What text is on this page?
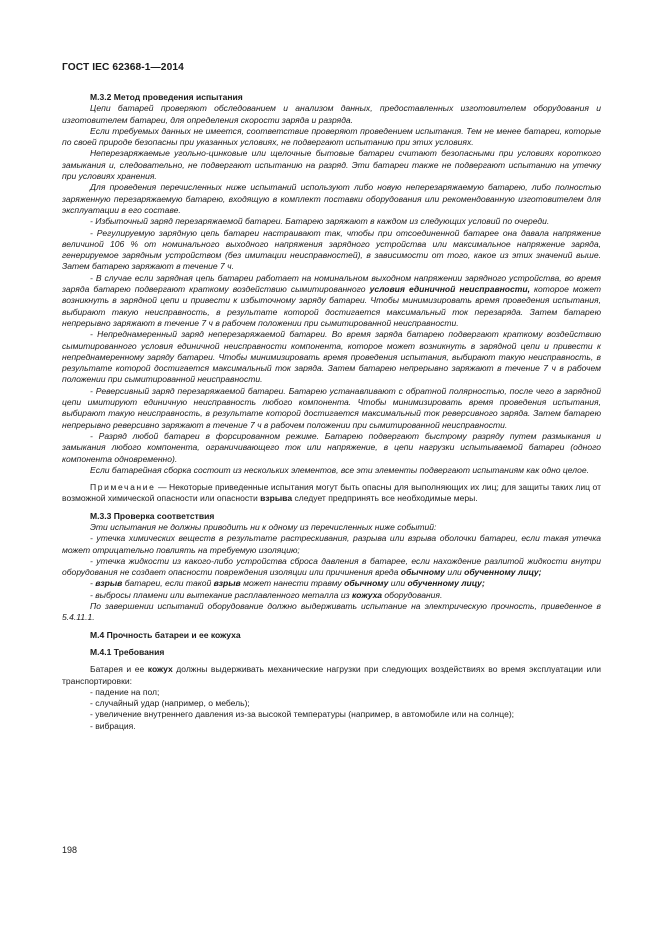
ГОСТ IEC 62368-1—2014

М.3.2 Метод проведения испытания

Цепи батарей проверяют обследованием и анализом данных, предоставленных изготовителем оборудования и изготовителем батареи, для определения скорости заряда и разряда.

Если требуемых данных не имеется, соответствие проверяют проведением испытания. Тем не менее батареи, которые по своей природе безопасны при указанных условиях, не подвергают испытанию при этих условиях.

Неперезаряжаемые угольно-цинковые или щелочные бытовые батареи считают безопасными при условиях короткого замыкания и, следовательно, не подвергают испытанию на разряд. Эти батареи также не подвергают испытанию на утечку при условиях хранения.

Для проведения перечисленных ниже испытаний используют либо новую неперезаряжаемую батарею, либо полностью заряженную перезаряжаемую батарею, входящую в комплект поставки оборудования или рекомендованную изготовителем для эксплуатации в его составе.

- Избыточный заряд перезаряжаемой батареи. Батарею заряжают в каждом из следующих условий по очереди.

- Регулируемую зарядную цепь батареи настраивают так, чтобы при отсоединенной батарее она давала напряжение величиной 106 % от номинального выходного напряжения зарядного устройства или максимальное напряжение заряда, генерируемое зарядным устройством (без имитации неисправностей), в зависимости от того, какое из этих значений выше. Затем батарею заряжают в течение 7 ч.

- В случае если зарядная цепь батареи работает на номинальном выходном напряжении зарядного устройства, во время заряда батарею подвергают краткому воздействию сымитированного условия единичной неисправности, которое может возникнуть в зарядной цепи и привести к избыточному заряду батареи. Чтобы минимизировать время проведения испытания, выбирают такую неисправность, в результате которой достигается максимальный ток перезаряда. Затем батарею непрерывно заряжают в течение 7 ч в рабочем положении при сымитированной неисправности.

- Непреднамеренный заряд неперезаряжаемой батареи. Во время заряда батарею подвергают краткому воздействию сымитированного условия единичной неисправности компонента, которое может возникнуть в зарядной цепи и привести к непреднамеренному заряду батареи. Чтобы минимизировать время проведения испытания, выбирают такую неисправность, в результате которой достигается максимальный ток заряда. Затем батарею непрерывно заряжают в течение 7 ч в рабочем положении при сымитированной неисправности.

- Реверсивный заряд перезаряжаемой батареи. Батарею устанавливают с обратной полярностью, после чего в зарядной цепи имитируют единичную неисправность любого компонента. Чтобы минимизировать время проведения испытания, выбирают такую неисправность, в результате которой достигается максимальный ток реверсивного заряда. Затем батарею непрерывно реверсивно заряжают в течение 7 ч в рабочем положении при сымитированной неисправности.

- Разряд любой батареи в форсированном режиме. Батарею подвергают быстрому разряду путем размыкания и замыкания любого компонента, ограничивающего ток или напряжение, в цепи нагрузки испытываемой батареи (одного компонента одновременно).

Если батарейная сборка состоит из нескольких элементов, все эти элементы подвергают испытаниям как одно целое.

Примечание — Некоторые приведенные испытания могут быть опасны для выполняющих их лиц; для защиты таких лиц от возможной химической опасности или опасности взрыва следует предпринять все необходимые меры.

М.3.3 Проверка соответствия

Эти испытания не должны приводить ни к одному из перечисленных ниже событий:

- утечка химических веществ в результате растрескивания, разрыва или взрыва оболочки батареи, если такая утечка может отрицательно повлиять на требуемую изоляцию;

- утечка жидкости из какого-либо устройства сброса давления в батарее, если нахождение разлитой жидкости внутри оборудования не создает опасности повреждения изоляции или причинения вреда обычному или обученному лицу;

- взрыв батареи, если такой взрыв может нанести травму обычному или обученному лицу;

- выбросы пламени или вытекание расплавленного металла из кожуха оборудования.

По завершении испытаний оборудование должно выдерживать испытание на электрическую прочность, приведенное в 5.4.11.1.

М.4 Прочность батареи и ее кожуха

М.4.1 Требования

Батарея и ее кожух должны выдерживать механические нагрузки при следующих воздействиях во время эксплуатации или транспортировки:

- падение на пол;

- случайный удар (например, о мебель);

- увеличение внутреннего давления из-за высокой температуры (например, в автомобиле или на солнце);

- вибрация.

198
